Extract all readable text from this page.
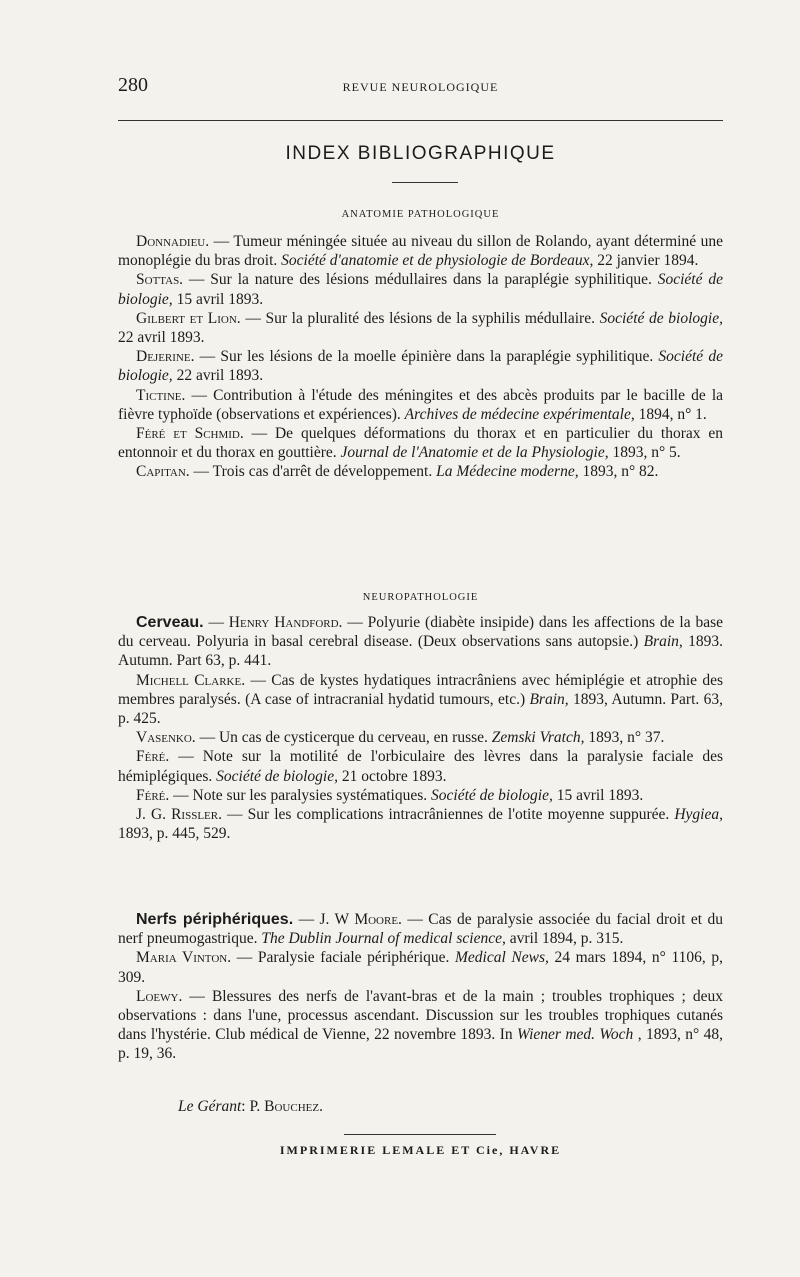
280	REVUE NEUROLOGIQUE
INDEX BIBLIOGRAPHIQUE
ANATOMIE PATHOLOGIQUE

Donnadieu. — Tumeur méningée située au niveau du sillon de Rolando, ayant déterminé une monoplégie du bras droit. Société d'anatomie et de physiologie de Bordeaux, 22 janvier 1894.

Sottas. — Sur la nature des lésions médullaires dans la paraplégie syphilitique. Société de biologie, 15 avril 1893.

Gilbert et Lion. — Sur la pluralité des lésions de la syphilis médullaire. Société de biologie, 22 avril 1893.

Dejerine. — Sur les lésions de la moelle épinière dans la paraplégie syphilitique. Société de biologie, 22 avril 1893.

Tictine. — Contribution à l'étude des méningites et des abcès produits par le bacille de la fièvre typhoïde (observations et expériences). Archives de médecine expérimentale, 1894, n° 1.

Féré et Schmid. — De quelques déformations du thorax et en particulier du thorax en entonnoir et du thorax en gouttière. Journal de l'Anatomie et de la Physiologie, 1893, n° 5.

Capitan. — Trois cas d'arrêt de développement. La Médecine moderne, 1893, n° 82.

NEUROPATHOLOGIE

Cerveau. — Henry Handford. — Polyurie (diabète insipide) dans les affections de la base du cerveau. Polyuria in basal cerebral disease. (Deux observations sans autopsie.) Brain, 1893. Autumn. Part 63, p. 441.

Michell Clarke. — Cas de kystes hydatiques intracrâniens avec hémiplégie et atrophie des membres paralysés. (A case of intracranial hydatid tumours, etc.) Brain, 1893, Autumn. Part. 63, p. 425.

Vasenko. — Un cas de cysticerque du cerveau, en russe. Zemski Vratch, 1893, n° 37.

Féré. — Note sur la motilité de l'orbiculaire des lèvres dans la paralysie faciale des hémiplégiques. Société de biologie, 21 octobre 1893.

Féré. — Note sur les paralysies systématiques. Société de biologie, 15 avril 1893.

J. G. Rissler. — Sur les complications intracrâniennes de l'otite moyenne suppurée. Hygiea, 1893, p. 445, 529.

Nerfs périphériques. — J. W Moore. — Cas de paralysie associée du facial droit et du nerf pneumogastrique. The Dublin Journal of medical science, avril 1894, p. 315.

Maria Vinton. — Paralysie faciale périphérique. Medical News, 24 mars 1894, n° 1106, p, 309.

Loewy. — Blessures des nerfs de l'avant-bras et de la main ; troubles trophiques ; deux observations : dans l'une, processus ascendant. Discussion sur les troubles trophiques cutanés dans l'hystérie. Club médical de Vienne, 22 novembre 1893. In Wiener med. Woch , 1893, n° 48, p. 19, 36.

Le Gérant: P. Bouchez.
IMPRIMERIE LEMALE ET Cie, HAVRE
